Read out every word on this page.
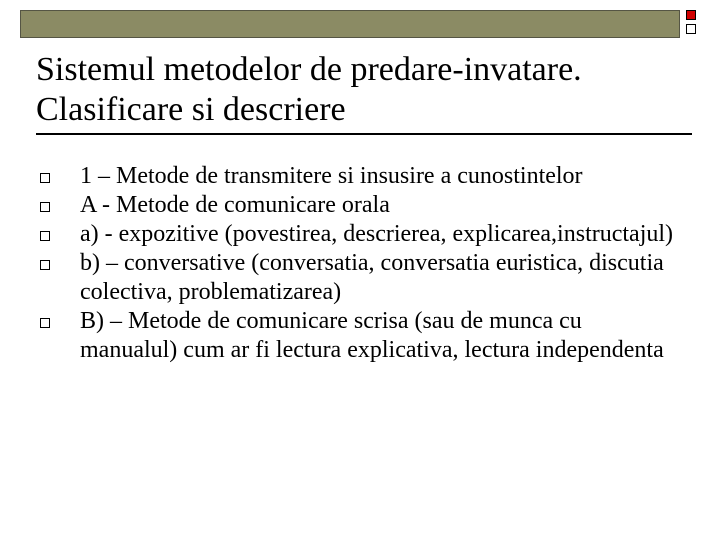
Sistemul metodelor de predare-invatare.
Clasificare si descriere
1 – Metode de transmitere si insusire a cunostintelor
A - Metode de comunicare orala
a) - expozitive (povestirea, descrierea, explicarea,instructajul)
b) – conversative (conversatia, conversatia euristica, discutia colectiva, problematizarea)
B) – Metode de comunicare scrisa (sau de munca cu manualul) cum ar fi lectura explicativa, lectura independenta
